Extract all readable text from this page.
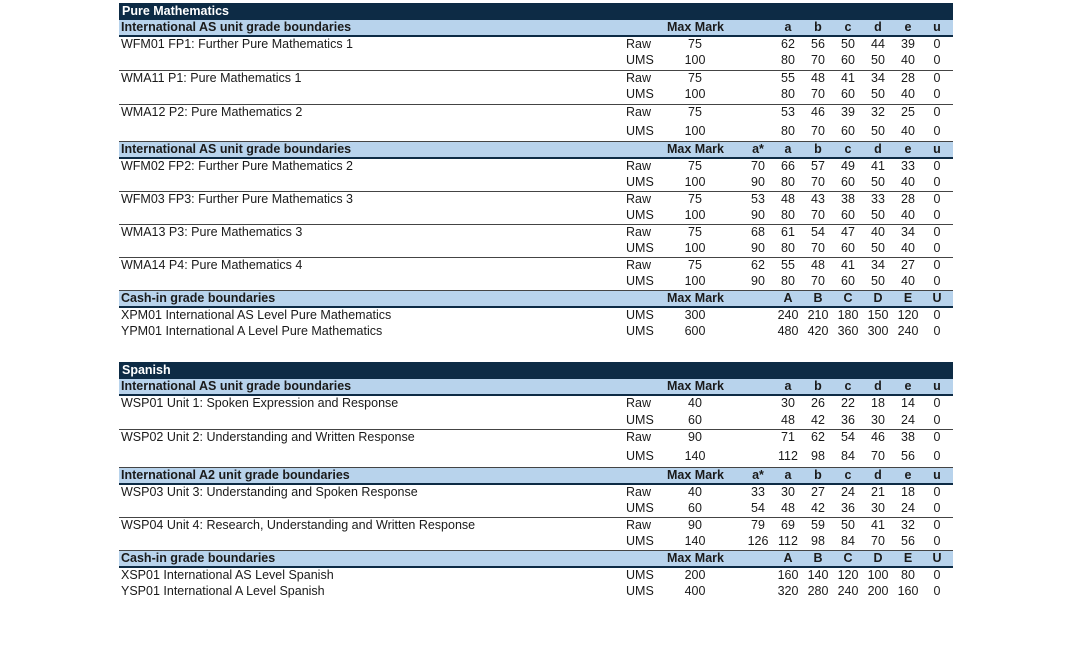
Pure Mathematics
International AS unit grade boundaries	Max Mark	a	b	c	d	e	u
WFM01 FP1: Further Pure Mathematics 1	Raw	75	62	56	50	44	39	0
UMS	100	80	70	60	50	40	0
WMA11 P1: Pure Mathematics 1	Raw	75	55	48	41	34	28	0
UMS	100	80	70	60	50	40	0
WMA12 P2: Pure Mathematics 2	Raw	75	53	46	39	32	25	0
UMS	100	80	70	60	50	40	0
International AS unit grade boundaries	Max Mark	a*	a	b	c	d	e	u
WFM02 FP2: Further Pure Mathematics 2	Raw	75	70	66	57	49	41	33	0
UMS	100	90	80	70	60	50	40	0
WFM03 FP3: Further Pure Mathematics 3	Raw	75	53	48	43	38	33	28	0
UMS	100	90	80	70	60	50	40	0
WMA13 P3: Pure Mathematics 3	Raw	75	68	61	54	47	40	34	0
UMS	100	90	80	70	60	50	40	0
WMA14 P4: Pure Mathematics 4	Raw	75	62	55	48	41	34	27	0
UMS	100	90	80	70	60	50	40	0
Cash-in grade boundaries	Max Mark	A	B	C	D	E	U
XPM01 International AS Level Pure Mathematics	UMS	300	240 210 180 150 120	0
YPM01 International A Level Pure Mathematics	UMS	600	480 420 360 300 240	0
Spanish
International AS unit grade boundaries	Max Mark	a	b	c	d	e	u
WSP01 Unit 1: Spoken Expression and Response	Raw	40	30	26	22	18	14	0
UMS	60	48	42	36	30	24	0
WSP02 Unit 2: Understanding and Written Response	Raw	90	71	62	54	46	38	0
UMS	140	112	98	84	70	56	0
International A2 unit grade boundaries	Max Mark	a*	a	b	c	d	e	u
WSP03 Unit 3: Understanding and Spoken Response	Raw	40	33	30	27	24	21	18	0
UMS	60	54	48	42	36	30	24	0
WSP04 Unit 4: Research, Understanding and Written Response	Raw	90	79	69	59	50	41	32	0
UMS	140	126 112	98	84	70	56	0
Cash-in grade boundaries	Max Mark	A	B	C	D	E	U
XSP01 International AS Level Spanish	UMS	200	160 140 120 100	80	0
YSP01 International A Level Spanish	UMS	400	320 280 240 200 160	0
